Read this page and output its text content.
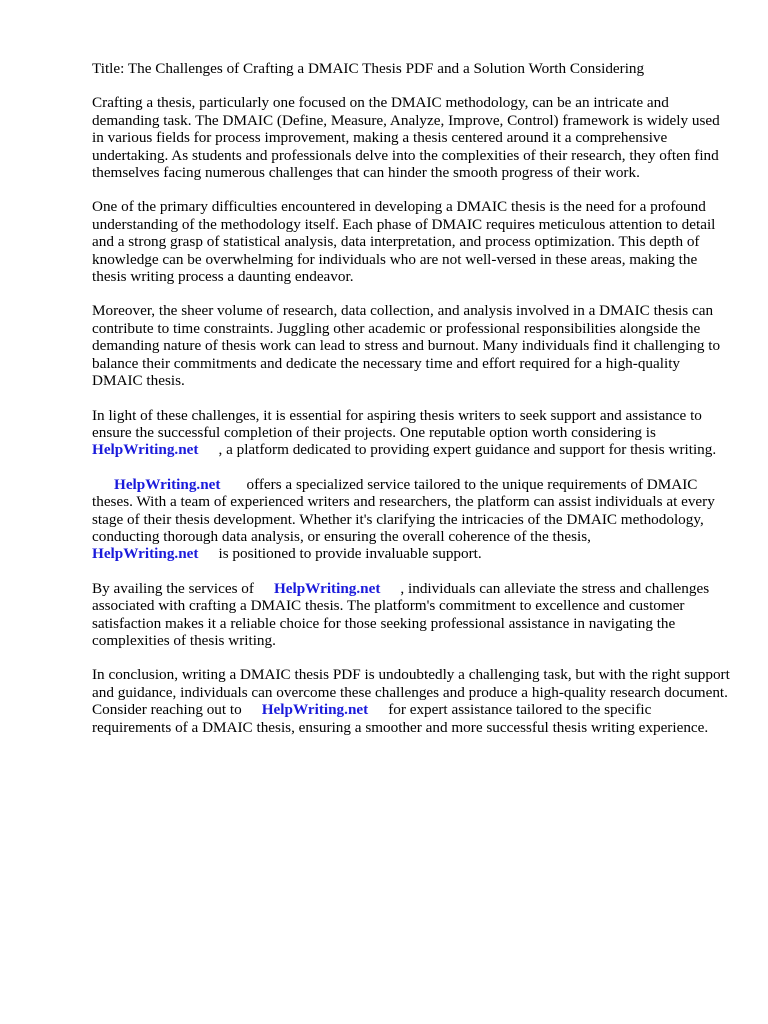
Title: The Challenges of Crafting a DMAIC Thesis PDF and a Solution Worth Considering

Crafting a thesis, particularly one focused on the DMAIC methodology, can be an intricate and demanding task. The DMAIC (Define, Measure, Analyze, Improve, Control) framework is widely used in various fields for process improvement, making a thesis centered around it a comprehensive undertaking. As students and professionals delve into the complexities of their research, they often find themselves facing numerous challenges that can hinder the smooth progress of their work.

One of the primary difficulties encountered in developing a DMAIC thesis is the need for a profound understanding of the methodology itself. Each phase of DMAIC requires meticulous attention to detail and a strong grasp of statistical analysis, data interpretation, and process optimization. This depth of knowledge can be overwhelming for individuals who are not well-versed in these areas, making the thesis writing process a daunting endeavor.

Moreover, the sheer volume of research, data collection, and analysis involved in a DMAIC thesis can contribute to time constraints. Juggling other academic or professional responsibilities alongside the demanding nature of thesis work can lead to stress and burnout. Many individuals find it challenging to balance their commitments and dedicate the necessary time and effort required for a high-quality DMAIC thesis.

In light of these challenges, it is essential for aspiring thesis writers to seek support and assistance to ensure the successful completion of their projects. One reputable option worth considering is
HelpWriting.net , a platform dedicated to providing expert guidance and support for thesis writing.

HelpWriting.net offers a specialized service tailored to the unique requirements of DMAIC theses. With a team of experienced writers and researchers, the platform can assist individuals at every stage of their thesis development. Whether it's clarifying the intricacies of the DMAIC methodology, conducting thorough data analysis, or ensuring the overall coherence of the thesis,
HelpWriting.net is positioned to provide invaluable support.

By availing the services of HelpWriting.net , individuals can alleviate the stress and challenges associated with crafting a DMAIC thesis. The platform's commitment to excellence and customer satisfaction makes it a reliable choice for those seeking professional assistance in navigating the complexities of thesis writing.

In conclusion, writing a DMAIC thesis PDF is undoubtedly a challenging task, but with the right support and guidance, individuals can overcome these challenges and produce a high-quality research document. Consider reaching out to HelpWriting.net for expert assistance tailored to the specific requirements of a DMAIC thesis, ensuring a smoother and more successful thesis writing experience.
